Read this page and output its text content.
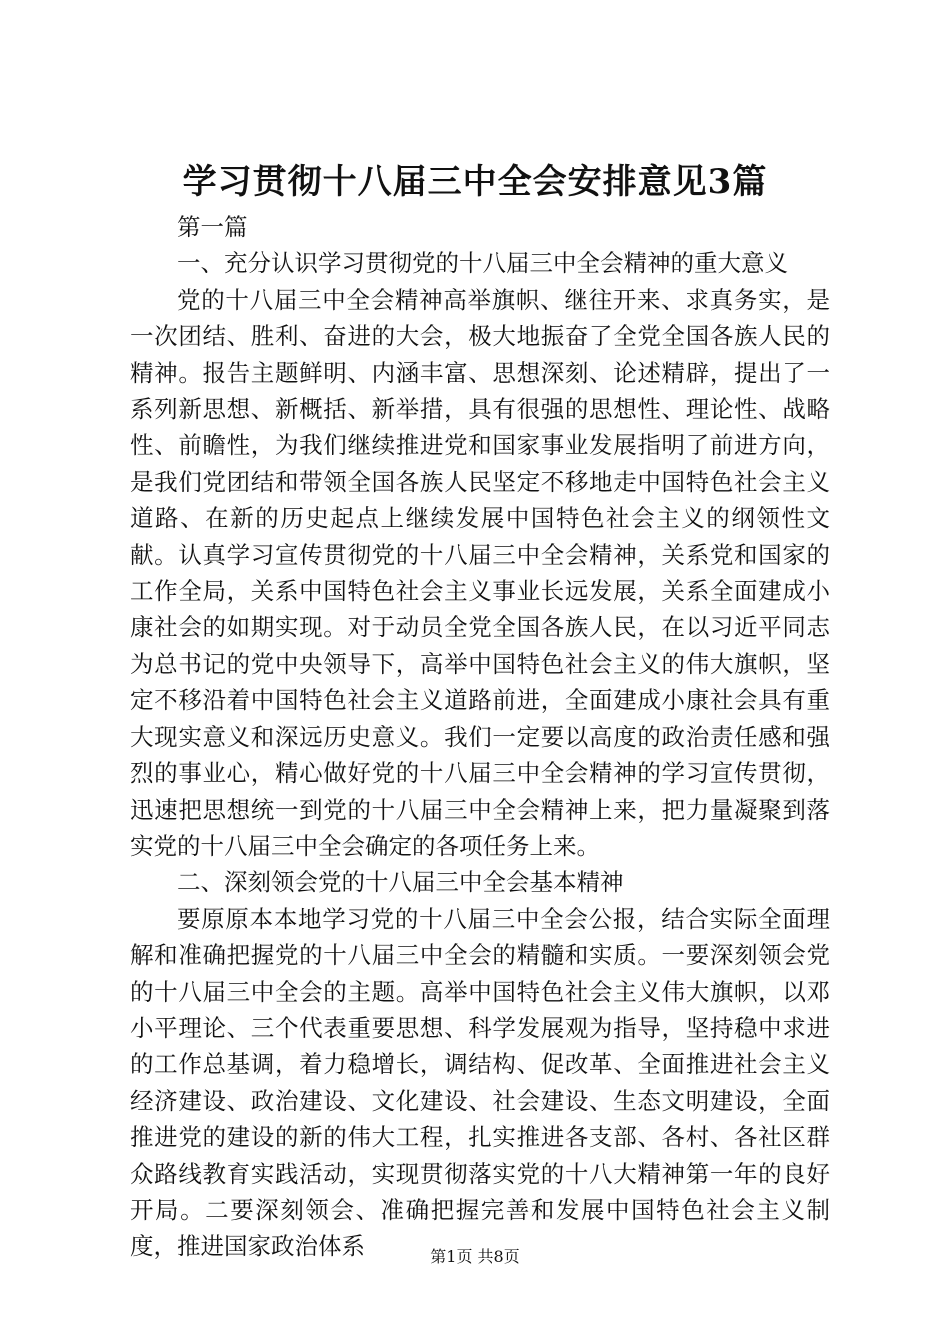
学习贯彻十八届三中全会安排意见3篇

第一篇

一、充分认识学习贯彻党的十八届三中全会精神的重大意义

党的十八届三中全会精神高举旗帜、继往开来、求真务实，是一次团结、胜利、奋进的大会，极大地振奋了全党全国各族人民的精神。报告主题鲜明、内涵丰富、思想深刻、论述精辟，提出了一系列新思想、新概括、新举措，具有很强的思想性、理论性、战略性、前瞻性，为我们继续推进党和国家事业发展指明了前进方向，是我们党团结和带领全国各族人民坚定不移地走中国特色社会主义道路、在新的历史起点上继续发展中国特色社会主义的纲领性文献。认真学习宣传贯彻党的十八届三中全会精神，关系党和国家的工作全局，关系中国特色社会主义事业长远发展，关系全面建成小康社会的如期实现。对于动员全党全国各族人民，在以习近平同志为总书记的党中央领导下，高举中国特色社会主义的伟大旗帜，坚定不移沿着中国特色社会主义道路前进，全面建成小康社会具有重大现实意义和深远历史意义。我们一定要以高度的政治责任感和强烈的事业心，精心做好党的十八届三中全会精神的学习宣传贯彻，迅速把思想统一到党的十八届三中全会精神上来，把力量凝聚到落实党的十八届三中全会确定的各项任务上来。

二、深刻领会党的十八届三中全会基本精神

要原原本本地学习党的十八届三中全会公报，结合实际全面理解和准确把握党的十八届三中全会的精髓和实质。一要深刻领会党的十八届三中全会的主题。高举中国特色社会主义伟大旗帜，以邓小平理论、三个代表重要思想、科学发展观为指导，坚持稳中求进的工作总基调，着力稳增长，调结构、促改革、全面推进社会主义经济建设、政治建设、文化建设、社会建设、生态文明建设，全面推进党的建设的新的伟大工程，扎实推进各支部、各村、各社区群众路线教育实践活动，实现贯彻落实党的十八大精神第一年的良好开局。二要深刻领会、准确把握完善和发展中国特色社会主义制度，推进国家政治体系	第1页 共8页
